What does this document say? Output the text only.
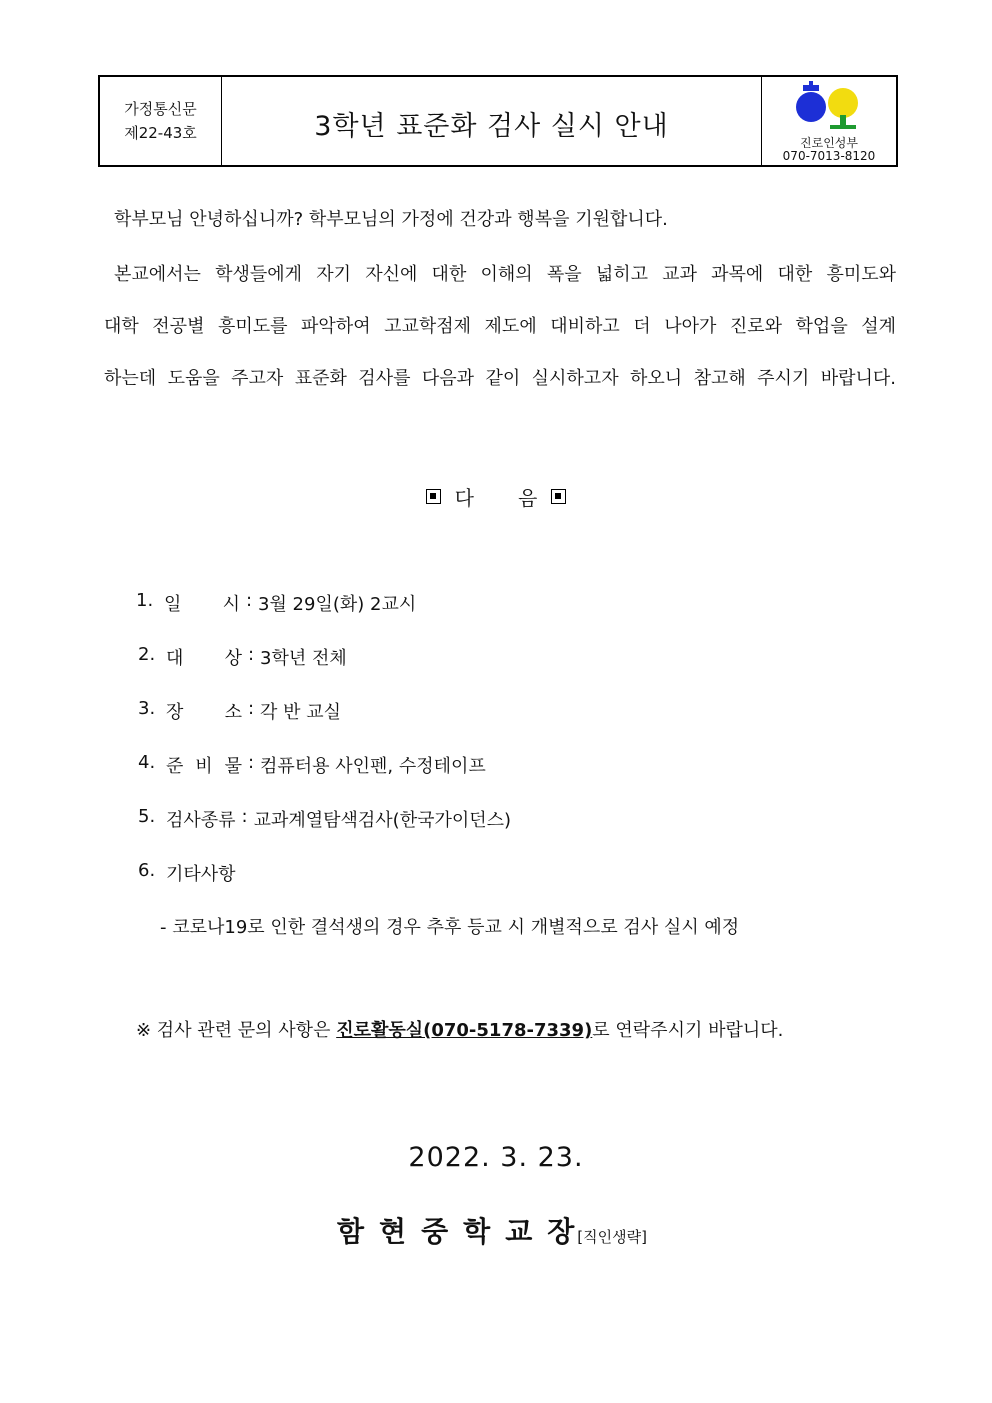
가정통신문
제22-43호	3학년 표준화 검사 실시 안내
진로인성부
070-7013-8120
학부모님 안녕하십니까? 학부모님의 가정에 건강과 행복을 기원합니다.
본교에서는 학생들에게 자기 자신에 대한 이해의 폭을 넓히고 교과 과목에 대한 흥미도와
대학 전공별 흥미도를 파악하여 고교학점제 제도에 대비하고 더 나아가 진로와 학업을 설계
하는데 도움을 주고자 표준화 검사를 다음과 같이 실시하고자 하오니 참고해 주시기 바랍니다.
다 음
1. 일 시 : 3월 29일(화) 2교시
2. 대 상 : 3학년 전체
3. 장 소 : 각 반 교실
4. 준 비 물 : 컴퓨터용 사인펜, 수정테이프
5. 검사종류 : 교과계열탐색검사(한국가이던스)
6. 기타사항
- 코로나19로 인한 결석생의 경우 추후 등교 시 개별적으로 검사 실시 예정
※ 검사 관련 문의 사항은 진로활동실(070-5178-7339)로 연락주시기 바랍니다.
2022. 3. 23.
함현중학교장
[직인생략]
